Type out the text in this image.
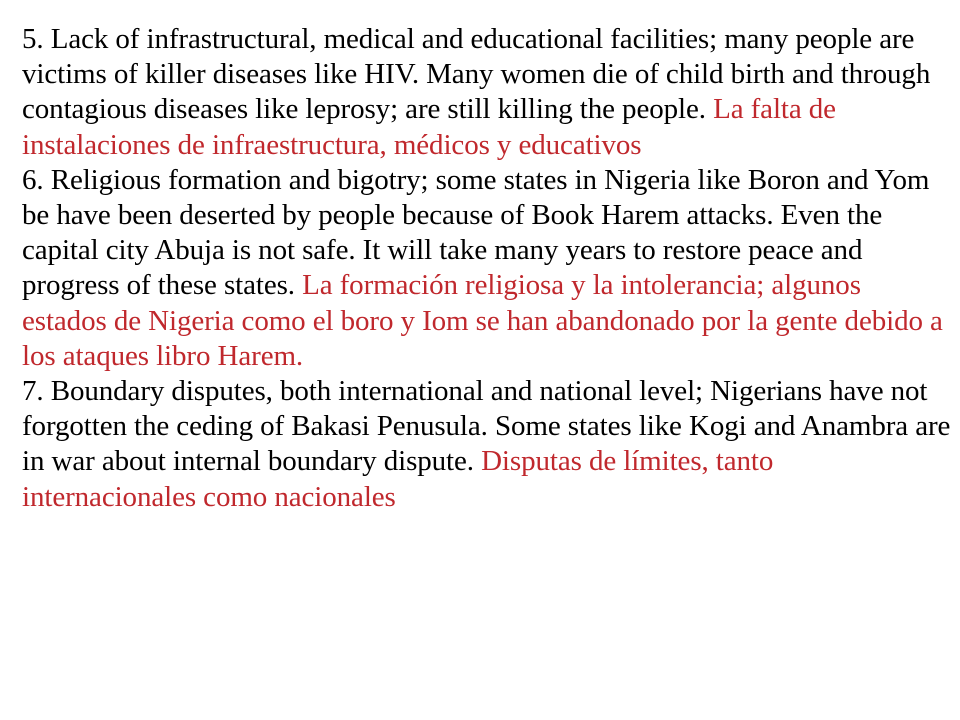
5. Lack of infrastructural, medical and educational facilities; many people are victims of killer diseases like HIV. Many women die of child birth and through contagious diseases like leprosy; are still killing the people. La falta de instalaciones de infraestructura, médicos y educativos

6. Religious formation and bigotry; some states in Nigeria like Boron and Yom be have been deserted by people because of Book Harem attacks. Even the capital city Abuja is not safe. It will take many years to restore peace and progress of these states. La formación religiosa y la intolerancia; algunos estados de Nigeria como el boro y Iom se han abandonado por la gente debido a los ataques libro Harem.

7. Boundary disputes, both international and national level; Nigerians have not forgotten the ceding of Bakasi Penusula. Some states like Kogi and Anambra are in war about internal boundary dispute. Disputas de límites, tanto internacionales como nacionales
